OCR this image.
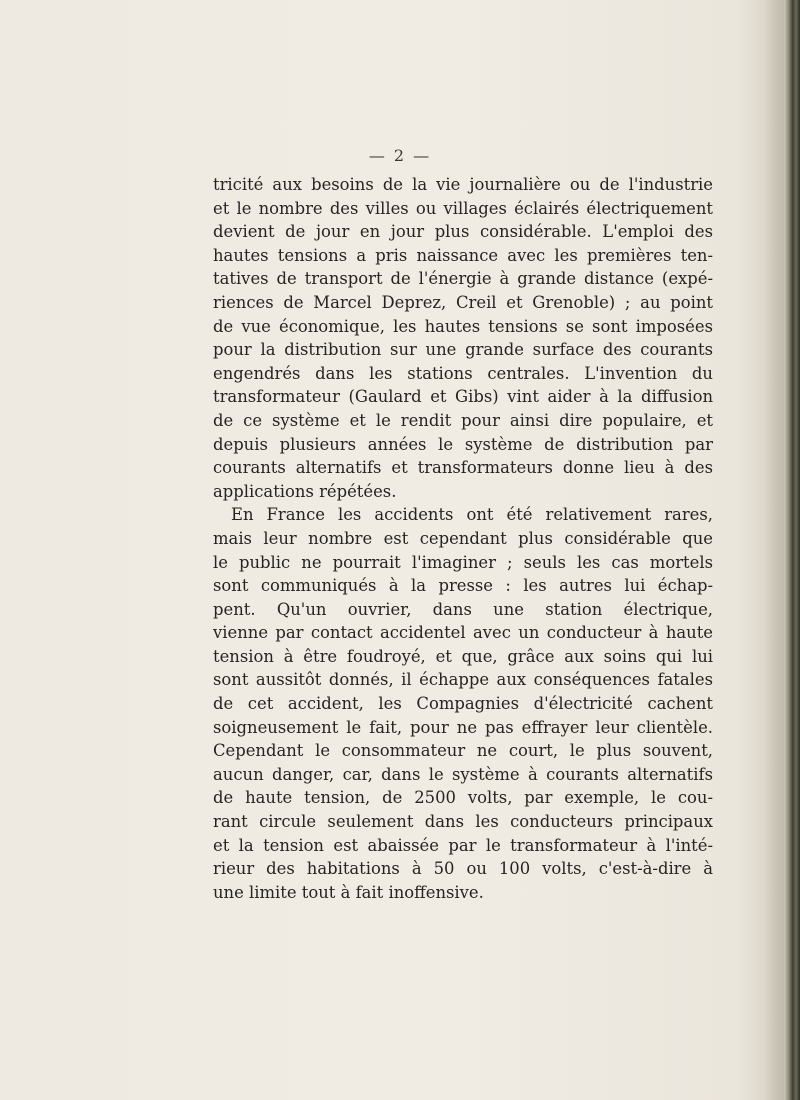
— 2 —
tricité aux besoins de la vie journalière ou de l'industrie
et le nombre des villes ou villages éclairés électriquement
devient de jour en jour plus considérable. L'emploi des
hautes tensions a pris naissance avec les premières ten-
tatives de transport de l'énergie à grande distance (expé-
riences de Marcel Deprez, Creil et Grenoble) ; au point
de vue économique, les hautes tensions se sont imposées
pour la distribution sur une grande surface des courants
engendrés dans les stations centrales. L'invention du
transformateur (Gaulard et Gibs) vint aider à la diffusion
de ce système et le rendit pour ainsi dire populaire, et
depuis plusieurs années le système de distribution par
courants alternatifs et transformateurs donne lieu à des
applications répétées.
En France les accidents ont été relativement rares,
mais leur nombre est cependant plus considérable que
le public ne pourrait l'imaginer ; seuls les cas mortels
sont communiqués à la presse : les autres lui échap-
pent. Qu'un ouvrier, dans une station électrique,
vienne par contact accidentel avec un conducteur à haute
tension à être foudroyé, et que, grâce aux soins qui lui
sont aussitôt donnés, il échappe aux conséquences fatales
de cet accident, les Compagnies d'électricité cachent
soigneusement le fait, pour ne pas effrayer leur clientèle.
Cependant le consommateur ne court, le plus souvent,
aucun danger, car, dans le système à courants alternatifs
de haute tension, de 2500 volts, par exemple, le cou-
rant circule seulement dans les conducteurs principaux
et la tension est abaissée par le transformateur à l'inté-
rieur des habitations à 50 ou 100 volts, c'est-à-dire à
une limite tout à fait inoffensive.
